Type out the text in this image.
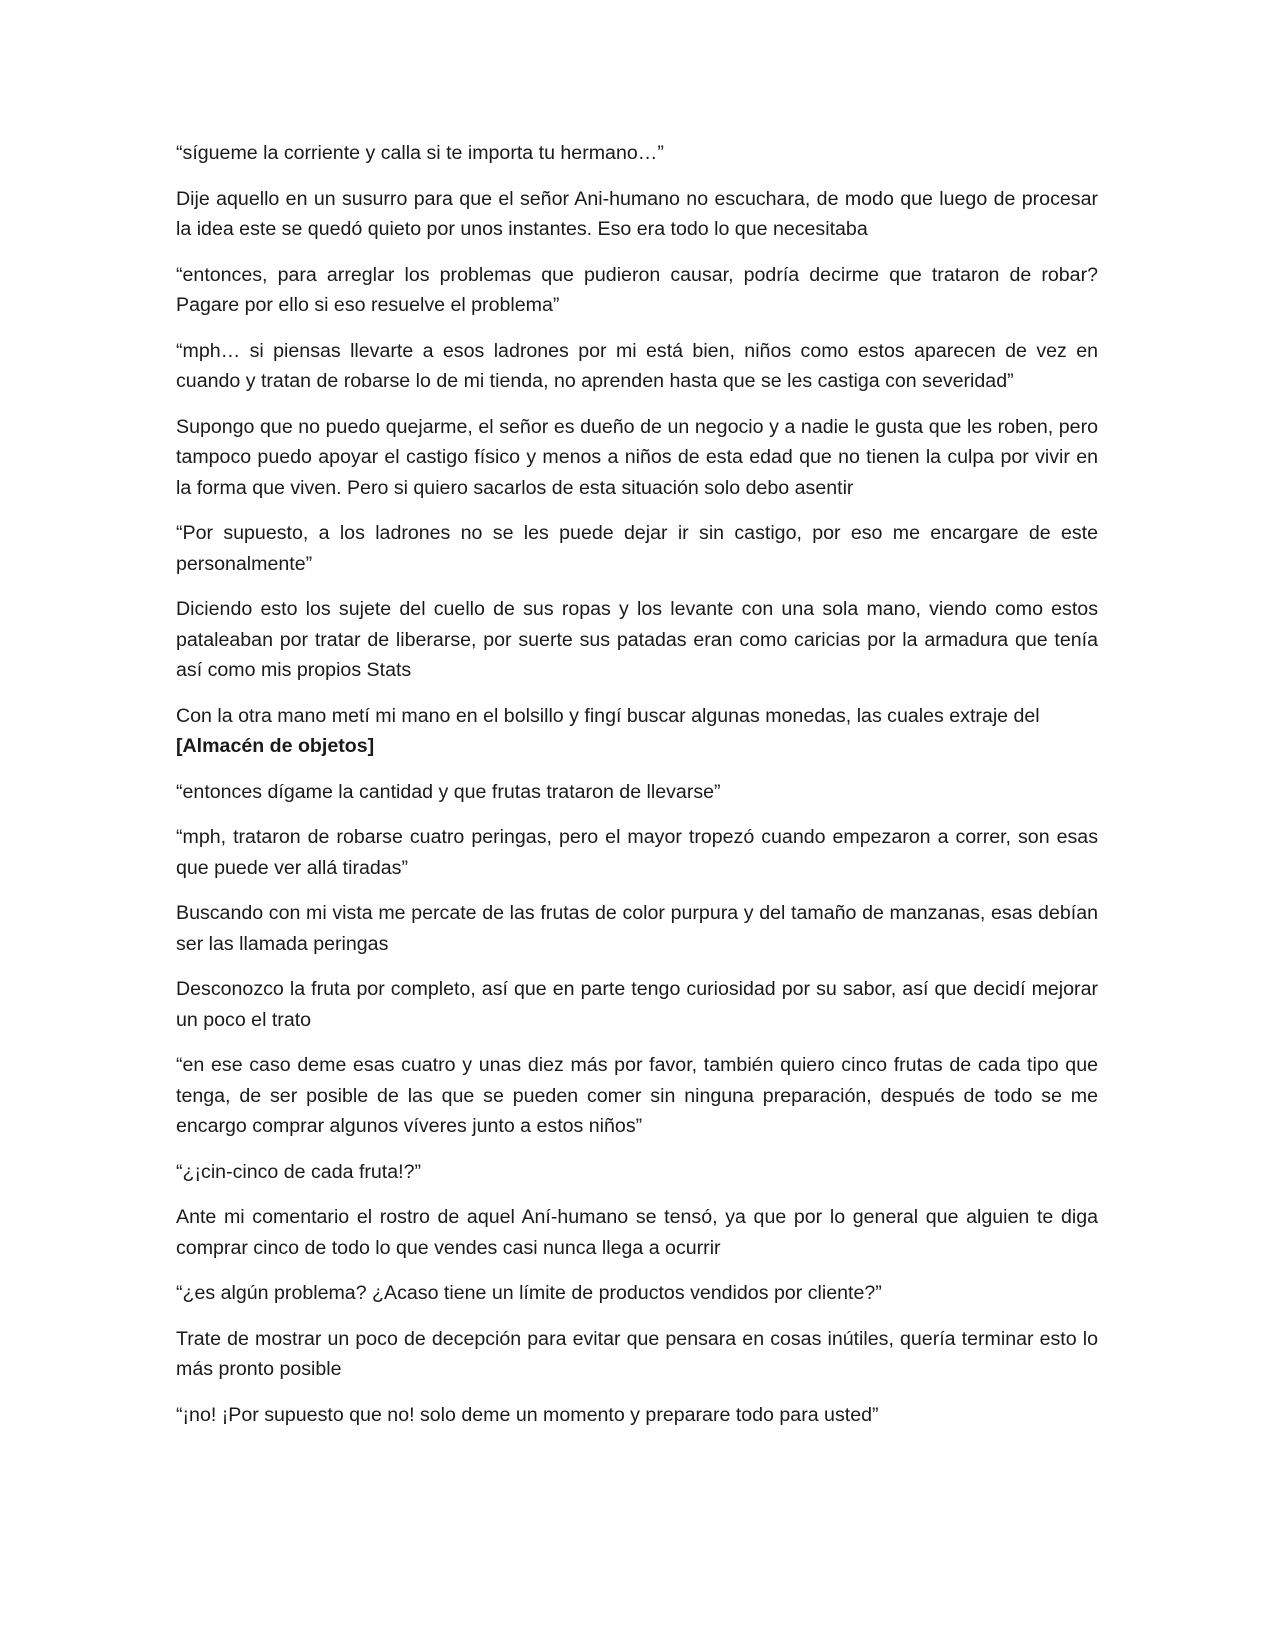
“sígueme la corriente y calla si te importa tu hermano…”

Dije aquello en un susurro para que el señor Ani-humano no escuchara, de modo que luego de procesar la idea este se quedó quieto por unos instantes. Eso era todo lo que necesitaba

“entonces, para arreglar los problemas que pudieron causar, podría decirme que trataron de robar? Pagare por ello si eso resuelve el problema”

“mph… si piensas llevarte a esos ladrones por mi está bien, niños como estos aparecen de vez en cuando y tratan de robarse lo de mi tienda, no aprenden hasta que se les castiga con severidad”

Supongo que no puedo quejarme, el señor es dueño de un negocio y a nadie le gusta que les roben, pero tampoco puedo apoyar el castigo físico y menos a niños de esta edad que no tienen la culpa por vivir en la forma que viven. Pero si quiero sacarlos de esta situación solo debo asentir

“Por supuesto, a los ladrones no se les puede dejar ir sin castigo, por eso me encargare de este personalmente”

Diciendo esto los sujete del cuello de sus ropas y los levante con una sola mano, viendo como estos pataleaban por tratar de liberarse, por suerte sus patadas eran como caricias por la armadura que tenía así como mis propios Stats

Con la otra mano metí mi mano en el bolsillo y fingí buscar algunas monedas, las cuales extraje del
[Almacén de objetos]

“entonces dígame la cantidad y que frutas trataron de llevarse”

“mph, trataron de robarse cuatro peringas, pero el mayor tropezó cuando empezaron a correr, son esas que puede ver allá tiradas”

Buscando con mi vista me percate de las frutas de color purpura y del tamaño de manzanas, esas debían ser las llamada peringas

Desconozco la fruta por completo, así que en parte tengo curiosidad por su sabor, así que decidí mejorar un poco el trato

“en ese caso deme esas cuatro y unas diez más por favor, también quiero cinco frutas de cada tipo que tenga, de ser posible de las que se pueden comer sin ninguna preparación, después de todo se me encargo comprar algunos víveres junto a estos niños”

“¿¡cin-cinco de cada fruta!?”

Ante mi comentario el rostro de aquel Aní-humano se tensó, ya que por lo general que alguien te diga comprar cinco de todo lo que vendes casi nunca llega a ocurrir

“¿es algún problema? ¿Acaso tiene un límite de productos vendidos por cliente?”

Trate de mostrar un poco de decepción para evitar que pensara en cosas inútiles, quería terminar esto lo más pronto posible

“¡no! ¡Por supuesto que no! solo deme un momento y preparare todo para usted”
